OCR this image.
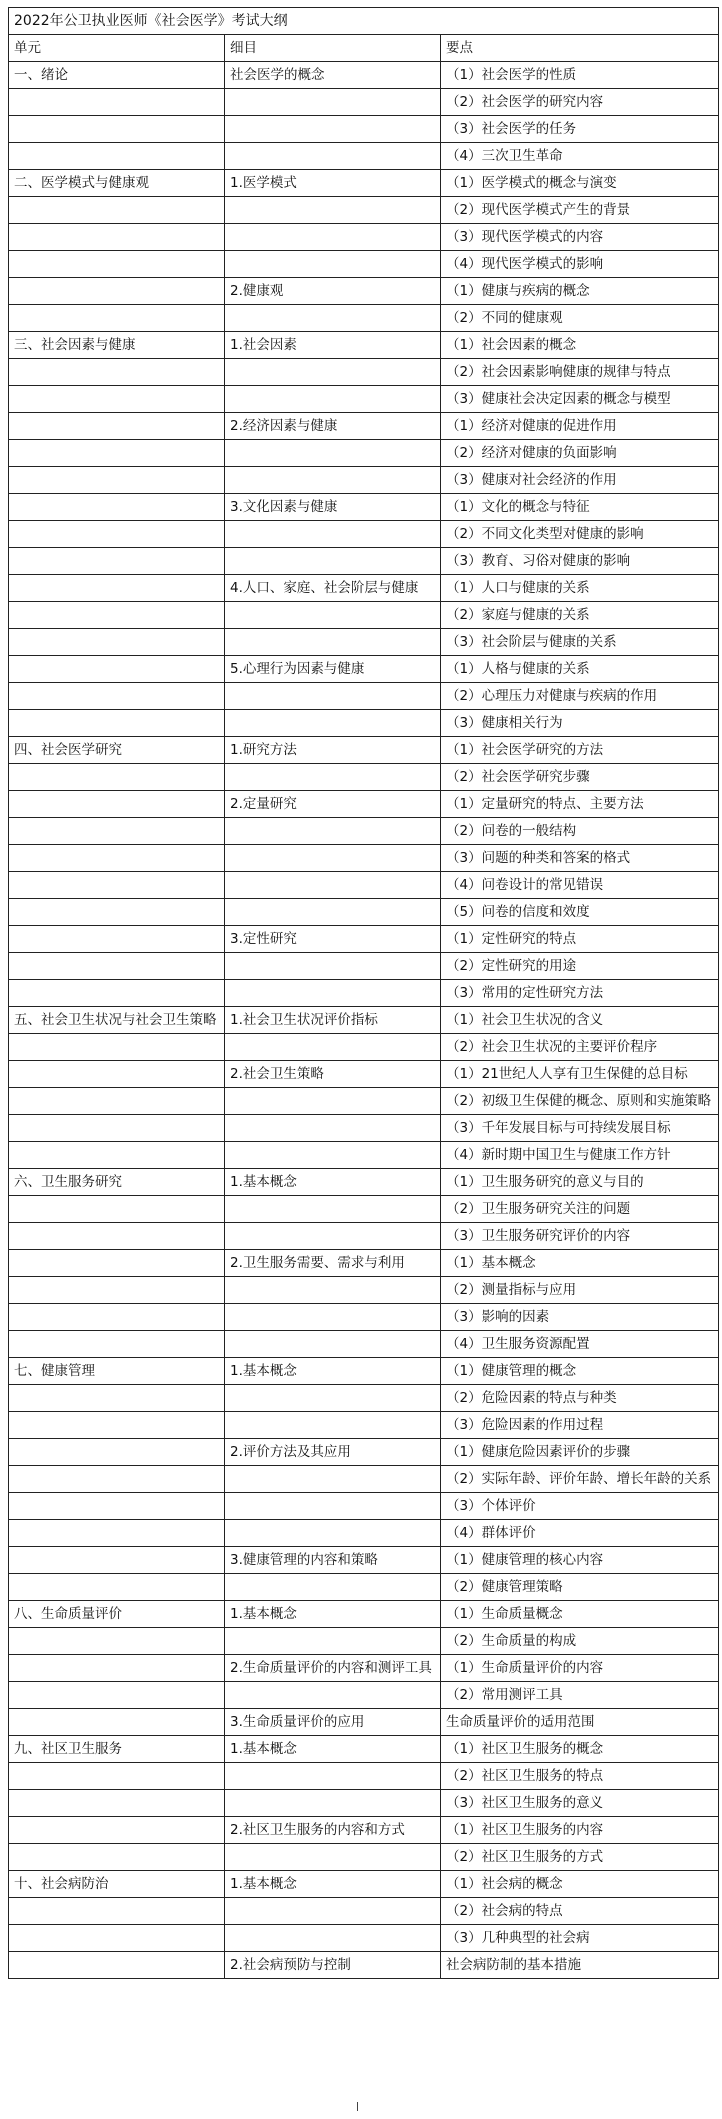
2022年公卫执业医师《社会医学》考试大纲		
单元	细目	要点
一、绪论	社会医学的概念	（1）社会医学的性质
		（2）社会医学的研究内容
		（3）社会医学的任务
		（4）三次卫生革命
二、医学模式与健康观	1.医学模式	（1）医学模式的概念与演变
		（2）现代医学模式产生的背景
		（3）现代医学模式的内容
		（4）现代医学模式的影响
	2.健康观	（1）健康与疾病的概念
		（2）不同的健康观
三、社会因素与健康	1.社会因素	（1）社会因素的概念
		（2）社会因素影响健康的规律与特点
		（3）健康社会决定因素的概念与模型
	2.经济因素与健康	（1）经济对健康的促进作用
		（2）经济对健康的负面影响
		（3）健康对社会经济的作用
	3.文化因素与健康	（1）文化的概念与特征
		（2）不同文化类型对健康的影响
		（3）教育、习俗对健康的影响
	4.人口、家庭、社会阶层与健康	（1）人口与健康的关系
		（2）家庭与健康的关系
		（3）社会阶层与健康的关系
	5.心理行为因素与健康	（1）人格与健康的关系
		（2）心理压力对健康与疾病的作用
		（3）健康相关行为
四、社会医学研究	1.研究方法	（1）社会医学研究的方法
		（2）社会医学研究步骤
	2.定量研究	（1）定量研究的特点、主要方法
		（2）问卷的一般结构
		（3）问题的种类和答案的格式
		（4）问卷设计的常见错误
		（5）问卷的信度和效度
	3.定性研究	（1）定性研究的特点
		（2）定性研究的用途
		（3）常用的定性研究方法
五、社会卫生状况与社会卫生策略	1.社会卫生状况评价指标	（1）社会卫生状况的含义
		（2）社会卫生状况的主要评价程序
	2.社会卫生策略	（1）21世纪人人享有卫生保健的总目标
		（2）初级卫生保健的概念、原则和实施策略
		（3）千年发展目标与可持续发展目标
		（4）新时期中国卫生与健康工作方针
六、卫生服务研究	1.基本概念	（1）卫生服务研究的意义与目的
		（2）卫生服务研究关注的问题
		（3）卫生服务研究评价的内容
	2.卫生服务需要、需求与利用	（1）基本概念
		（2）测量指标与应用
		（3）影响的因素
		（4）卫生服务资源配置
七、健康管理	1.基本概念	（1）健康管理的概念
		（2）危险因素的特点与种类
		（3）危险因素的作用过程
	2.评价方法及其应用	（1）健康危险因素评价的步骤
		（2）实际年龄、评价年龄、增长年龄的关系
		（3）个体评价
		（4）群体评价
	3.健康管理的内容和策略	（1）健康管理的核心内容
		（2）健康管理策略
八、生命质量评价	1.基本概念	（1）生命质量概念
		（2）生命质量的构成
	2.生命质量评价的内容和测评工具	（1）生命质量评价的内容
		（2）常用测评工具
	3.生命质量评价的应用	生命质量评价的适用范围
九、社区卫生服务	1.基本概念	（1）社区卫生服务的概念
		（2）社区卫生服务的特点
		（3）社区卫生服务的意义
	2.社区卫生服务的内容和方式	（1）社区卫生服务的内容
		（2）社区卫生服务的方式
十、社会病防治	1.基本概念	（1）社会病的概念
		（2）社会病的特点
		（3）几种典型的社会病
	2.社会病预防与控制	社会病防制的基本措施
